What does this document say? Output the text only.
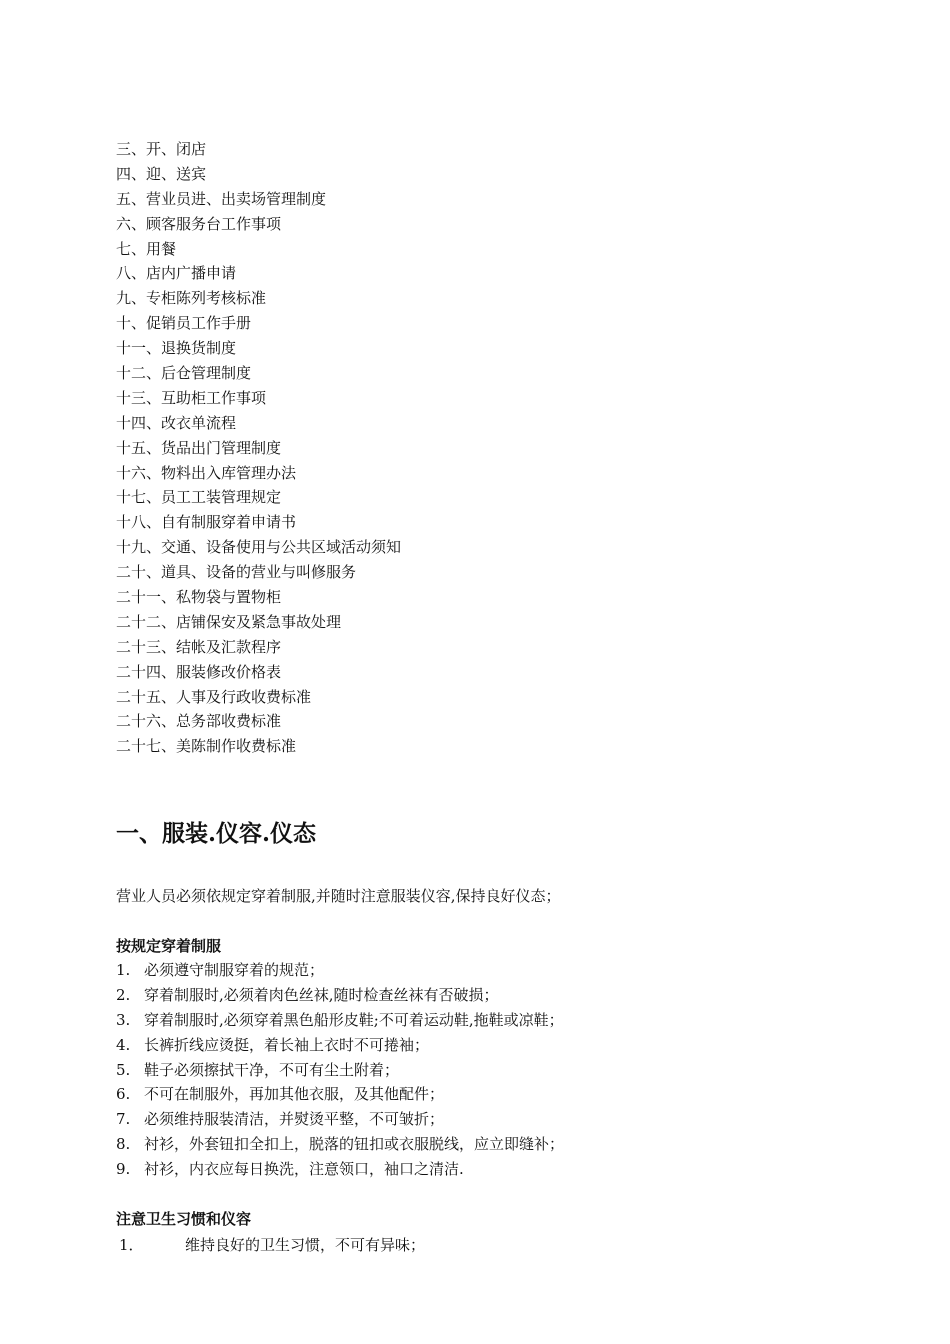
三、开、闭店
四、迎、送宾
五、营业员进、出卖场管理制度
六、顾客服务台工作事项
七、用餐
八、店内广播申请
九、专柜陈列考核标准
十、促销员工作手册
十一、退换货制度
十二、后仓管理制度
十三、互助柜工作事项
十四、改衣单流程
十五、货品出门管理制度
十六、物料出入库管理办法
十七、员工工装管理规定
十八、自有制服穿着申请书
十九、交通、设备使用与公共区域活动须知
二十、道具、设备的营业与叫修服务
二十一、私物袋与置物柜
二十二、店铺保安及紧急事故处理
二十三、结帐及汇款程序
二十四、服装修改价格表
二十五、人事及行政收费标准
二十六、总务部收费标准
二十七、美陈制作收费标准
一、服装.仪容.仪态

营业人员必须依规定穿着制服,并随时注意服装仪容,保持良好仪态；

按规定穿着制服
1. 必须遵守制服穿着的规范；
2. 穿着制服时,必须着肉色丝袜,随时检查丝袜有否破损；
3. 穿着制服时,必须穿着黑色船形皮鞋;不可着运动鞋,拖鞋或凉鞋；
4. 长裤折线应烫挺，着长袖上衣时不可捲袖；
5. 鞋子必须擦拭干净，不可有尘土附着；
6. 不可在制服外，再加其他衣服，及其他配件；
7. 必须维持服装清洁，并熨烫平整，不可皱折；
8. 衬衫，外套钮扣全扣上，脱落的钮扣或衣服脱线，应立即缝补；
9. 衬衫，内衣应每日换洗，注意领口，袖口之清洁.
注意卫生习惯和仪容
1．	维持良好的卫生习惯，不可有异味；
